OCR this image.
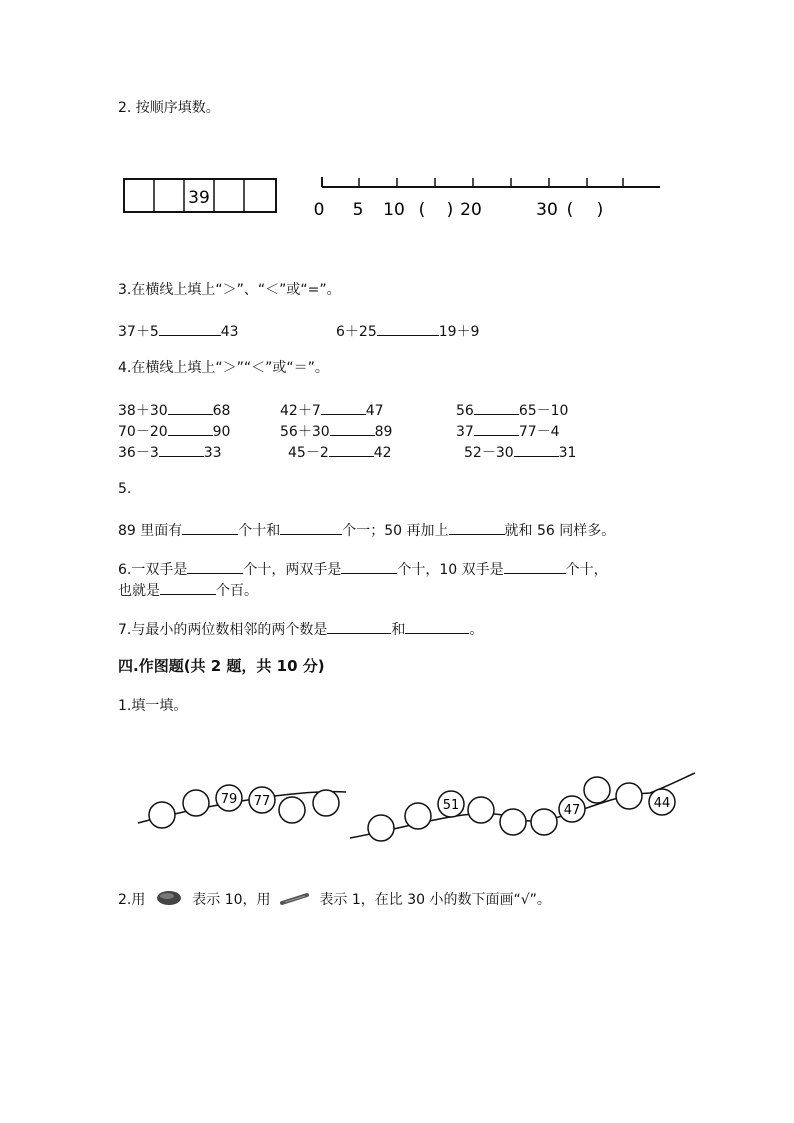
2. 按顺序填数。
39
0 5 10 ( ) 20	30 ( )
3.在横线上填上“＞”、“＜”或“=”。
37＋5	43	6＋25	19＋9
4.在横线上填上“＞”“＜”或“＝”。
38＋30	68	42＋7	47	56	65－10
70－20	90	56＋30	89	37	77－4
36－3	33	45－2	42	52－30	31
5.
89 里面有	个十和	个一；50 再加上	就和 56 同样多。
6.一双手是	个十，两双手是	个十，10 双手是	个十，
也就是	个百。
7.与最小的两位数相邻的两个数是	和	。
四.作图题(共 2 题，共 10 分)
1.填一填。
79 77	51	47	44
2.用	表示 10，用	表示 1，在比 30 小的数下面画“√”。
